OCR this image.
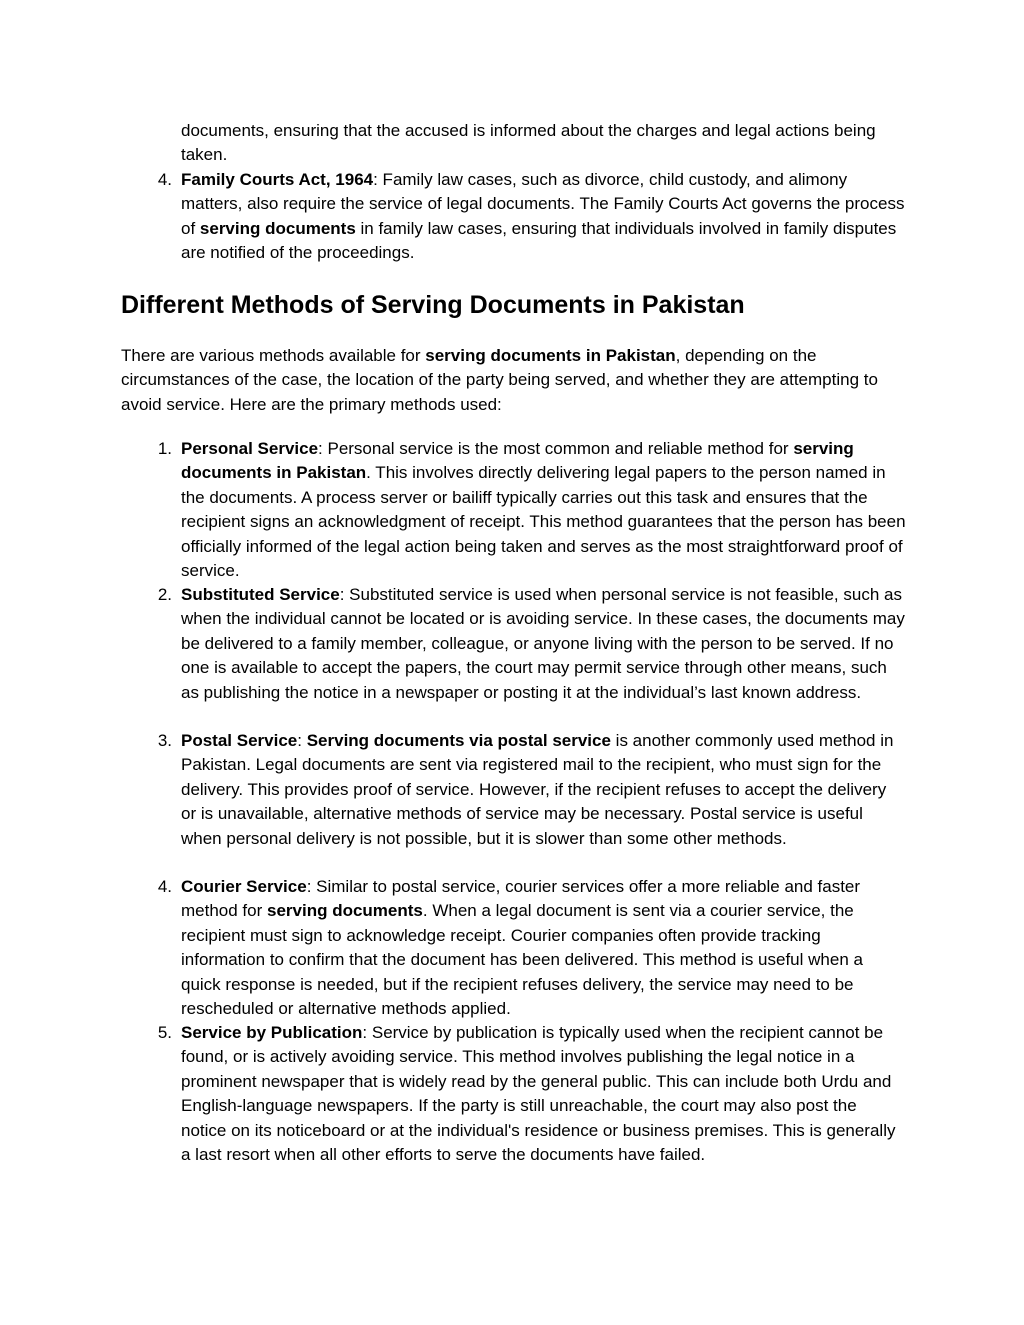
documents, ensuring that the accused is informed about the charges and legal actions being taken.
4. Family Courts Act, 1964: Family law cases, such as divorce, child custody, and alimony matters, also require the service of legal documents. The Family Courts Act governs the process of serving documents in family law cases, ensuring that individuals involved in family disputes are notified of the proceedings.
Different Methods of Serving Documents in Pakistan
There are various methods available for serving documents in Pakistan, depending on the circumstances of the case, the location of the party being served, and whether they are attempting to avoid service. Here are the primary methods used:
1. Personal Service: Personal service is the most common and reliable method for serving documents in Pakistan. This involves directly delivering legal papers to the person named in the documents. A process server or bailiff typically carries out this task and ensures that the recipient signs an acknowledgment of receipt. This method guarantees that the person has been officially informed of the legal action being taken and serves as the most straightforward proof of service.
2. Substituted Service: Substituted service is used when personal service is not feasible, such as when the individual cannot be located or is avoiding service. In these cases, the documents may be delivered to a family member, colleague, or anyone living with the person to be served. If no one is available to accept the papers, the court may permit service through other means, such as publishing the notice in a newspaper or posting it at the individual’s last known address.
3. Postal Service: Serving documents via postal service is another commonly used method in Pakistan. Legal documents are sent via registered mail to the recipient, who must sign for the delivery. This provides proof of service. However, if the recipient refuses to accept the delivery or is unavailable, alternative methods of service may be necessary. Postal service is useful when personal delivery is not possible, but it is slower than some other methods.
4. Courier Service: Similar to postal service, courier services offer a more reliable and faster method for serving documents. When a legal document is sent via a courier service, the recipient must sign to acknowledge receipt. Courier companies often provide tracking information to confirm that the document has been delivered. This method is useful when a quick response is needed, but if the recipient refuses delivery, the service may need to be rescheduled or alternative methods applied.
5. Service by Publication: Service by publication is typically used when the recipient cannot be found, or is actively avoiding service. This method involves publishing the legal notice in a prominent newspaper that is widely read by the general public. This can include both Urdu and English-language newspapers. If the party is still unreachable, the court may also post the notice on its noticeboard or at the individual's residence or business premises. This is generally a last resort when all other efforts to serve the documents have failed.
